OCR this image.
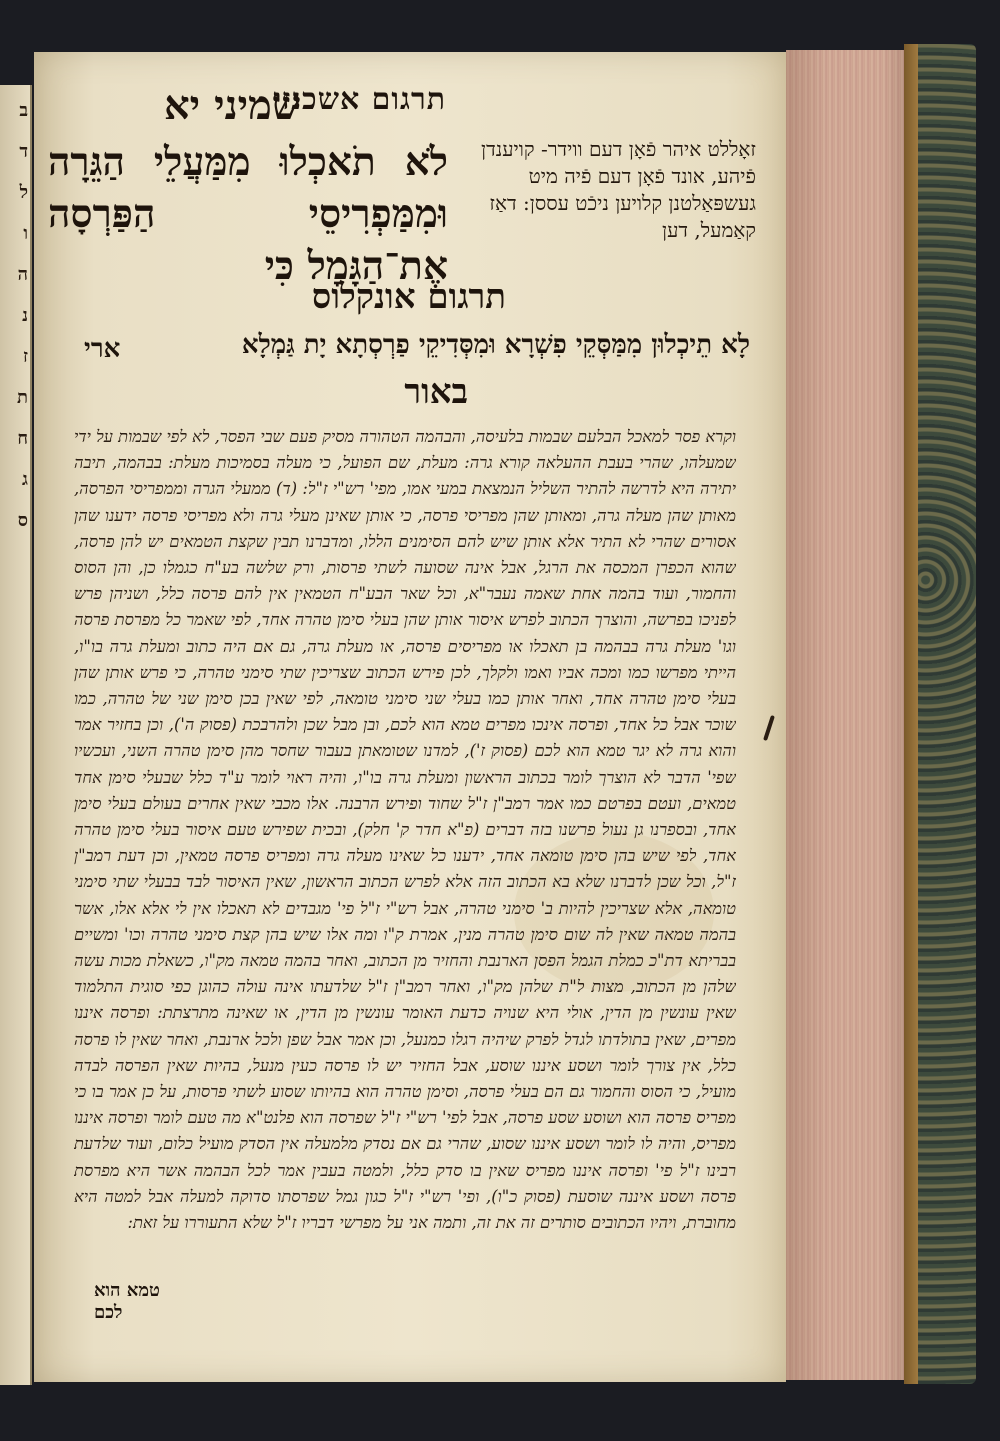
ב
ד
ל
ו
ה
נ
ז
ת
ח
ג
ס
תרגום אשכנזי
שמיני יא
זאָללט איהר פֿאָן דעם ווידר- קויענדן פֿיהע, אונד פֿאָן דעם פֿיה מיט געשפּאַלטנן קלויען ניכֿט עססן: דאַז קאַמעל, דען
לֹא תֹאכְלוּ מִמַּעֲלֵי הַגֵּרָה וּמִמַּפְרִיסֵי הַפַּרְסָה אֶת־הַגָּמָל כִּי
תרגום אונקלוס
לָא תֵיכְלוּן מִמַּסְּקֵי פִשְׁרָא וּמִסְּדִיקֵי פַרְסְתָא יָת גַּמְלָא
ארי
באור
וקרא פסר למאכל הבלעם שבמות בלעיסה, והבהמה הטהורה מסיק פעם שבי הפסר, לא לפי שבמות על ידי שמעלהו, שהרי בעבת ההעלאה קורא גרה: מעלת, שם הפועל, כי מעלה בסמיכות מעלת: בבהמה, תיבה יתירה היא לדרשה להתיר השליל הנמצאת במעי אמו, מפי' רש"י ז"ל: (ד) ממעלי הגרה וממפריסי הפרסה, מאותן שהן מעלה גרה, ומאותן שהן מפריסי פרסה, כי אותן שאינן מעלי גרה ולא מפריסי פרסה ידענו שהן אסורים שהרי לא התיר אלא אותן שיש להם הסימנים הללו, ומדברנו תבין שקצת הטמאים יש להן פרסה, שהוא הכפרן המכסה את הרגל, אבל אינה שסועה לשתי פרסות, ורק שלשה בע"ח כגמלו כן, והן הסוס והחמור, ועוד בהמה אחת שאמה נעבר"א, וכל שאר הבע"ח הטמאין אין להם פרסה כלל, ושניהן פרש לפניכו בפרשה, והוצרך הכתוב לפרש איסור אותן שהן בעלי סימן טהרה אחד, לפי שאמר כל מפרסת פרסה וגו' מעלת גרה בבהמה בן תאכלו או מפריסים פרסה, או מעלת גרה, גם אם היה כתוב ומעלת גרה בו"ו, הייתי מפרשו כמו ומכה אביו ואמו ולקלך, לכן פירש הכתוב שצריכין שתי סימני טהרה, כי פרש אותן שהן בעלי סימן טהרה אחד, ואחר אותן כמו בעלי שני סימני טומאה, לפי שאין בכן סימן שני של טהרה, כמו שוכר אבל כל אחד, ופרסה אינכו מפרים טמא הוא לכם, ובן מבל שכן ולהרבכת (פסוק ה'), וכן בחזיר אמר והוא גרה לא יגר טמא הוא לכם (פסוק ז'), למדנו שטומאתן בעבור שחסר מהן סימן טהרה השני, ועכשיו שפי' הדבר לא הוצרך לומר בכתוב הראשון ומעלת גרה בו"ו, והיה ראוי לומר ע"ד כלל שבעלי סימן אחד טמאים, ועטם בפרטם כמו אמר רמב"ן ז"ל שחוד ופירש הרבנה. אלו מכבי שאין אחרים בעולם בעלי סימן אחד, ובספרנו גן נעול פרשנו בזה דברים (פ"א חדר ק' חלק), ובכית שפירש טעם איסור בעלי סימן טהרה אחד, לפי שיש בהן סימן טומאה אחד, ידענו כל שאינו מעלה גרה ומפריס פרסה טמאין, וכן דעת רמב"ן ז"ל, וכל שכן לדברנו שלא בא הכתוב הזה אלא לפרש הכתוב הראשון, שאין האיסור לבד בבעלי שתי סימני טומאה, אלא שצריכין להיות ב' סימני טהרה, אבל רש"י ז"ל פי' מגבדים לא תאכלו אין לי אלא אלו, אשר בהמה טמאה שאין לה שום סימן טהרה מנין, אמרת ק"ו ומה אלו שיש בהן קצת סימני טהרה וכו' ומשיים בבריתא דת"כ כמלת הגמל הפסן הארנבת והחזיר מן הכתוב, ואחר בהמה טמאה מק"ו, כשאלת מכות עשה שלהן מן הכתוב, מצות ל"ת שלהן מק"ו, ואחר רמב"ן ז"ל שלדעתו אינה עולה כהוגן כפי סוגית התלמוד שאין עונשין מן הדין, אולי היא שנויה כדעת האומר עונשין מן הדין, או שאינה מתרצתת: ופרסה איננו מפרים, שאין בתולדתו לגדל לפרק שיהיה רגלו כמנעל, וכן אמר אבל שפן ולכל ארנבת, ואחר שאין לו פרסה כלל, אין צורך לומר ושסע איננו שוסע, אבל החזיר יש לו פרסה כעין מנעל, בהיות שאין הפרסה לבדה מועיל, כי הסוס והחמור גם הם בעלי פרסה, וסימן טהרה הוא בהיותו שסוע לשתי פרסות, על כן אמר בו כי מפריס פרסה הוא ושוסע שסע פרסה, אבל לפי' רש"י ז"ל שפרסה הוא פלנט"א מה טעם לומר ופרסה איננו מפריס, והיה לו לומר ושסע איננו שסוע, שהרי גם אם נסדק מלמעלה אין הסדק מועיל כלום, ועוד שלדעת רבינו ז"ל פי' ופרסה איננו מפריס שאין בו סדק כלל, ולמטה בעבין אמר לכל הבהמה אשר היא מפרסת פרסה ושסע איננה שוסעת (פסוק כ"ו), ופי' רש"י ז"ל כגון גמל שפרסתו סדוקה למעלה אבל למטה היא מחוברת, ויהיו הכתובים סותרים זה את זה, ותמה אני על מפרשי דבריו ז"ל שלא התעוררו על זאת:
טמא הוא
לכם
